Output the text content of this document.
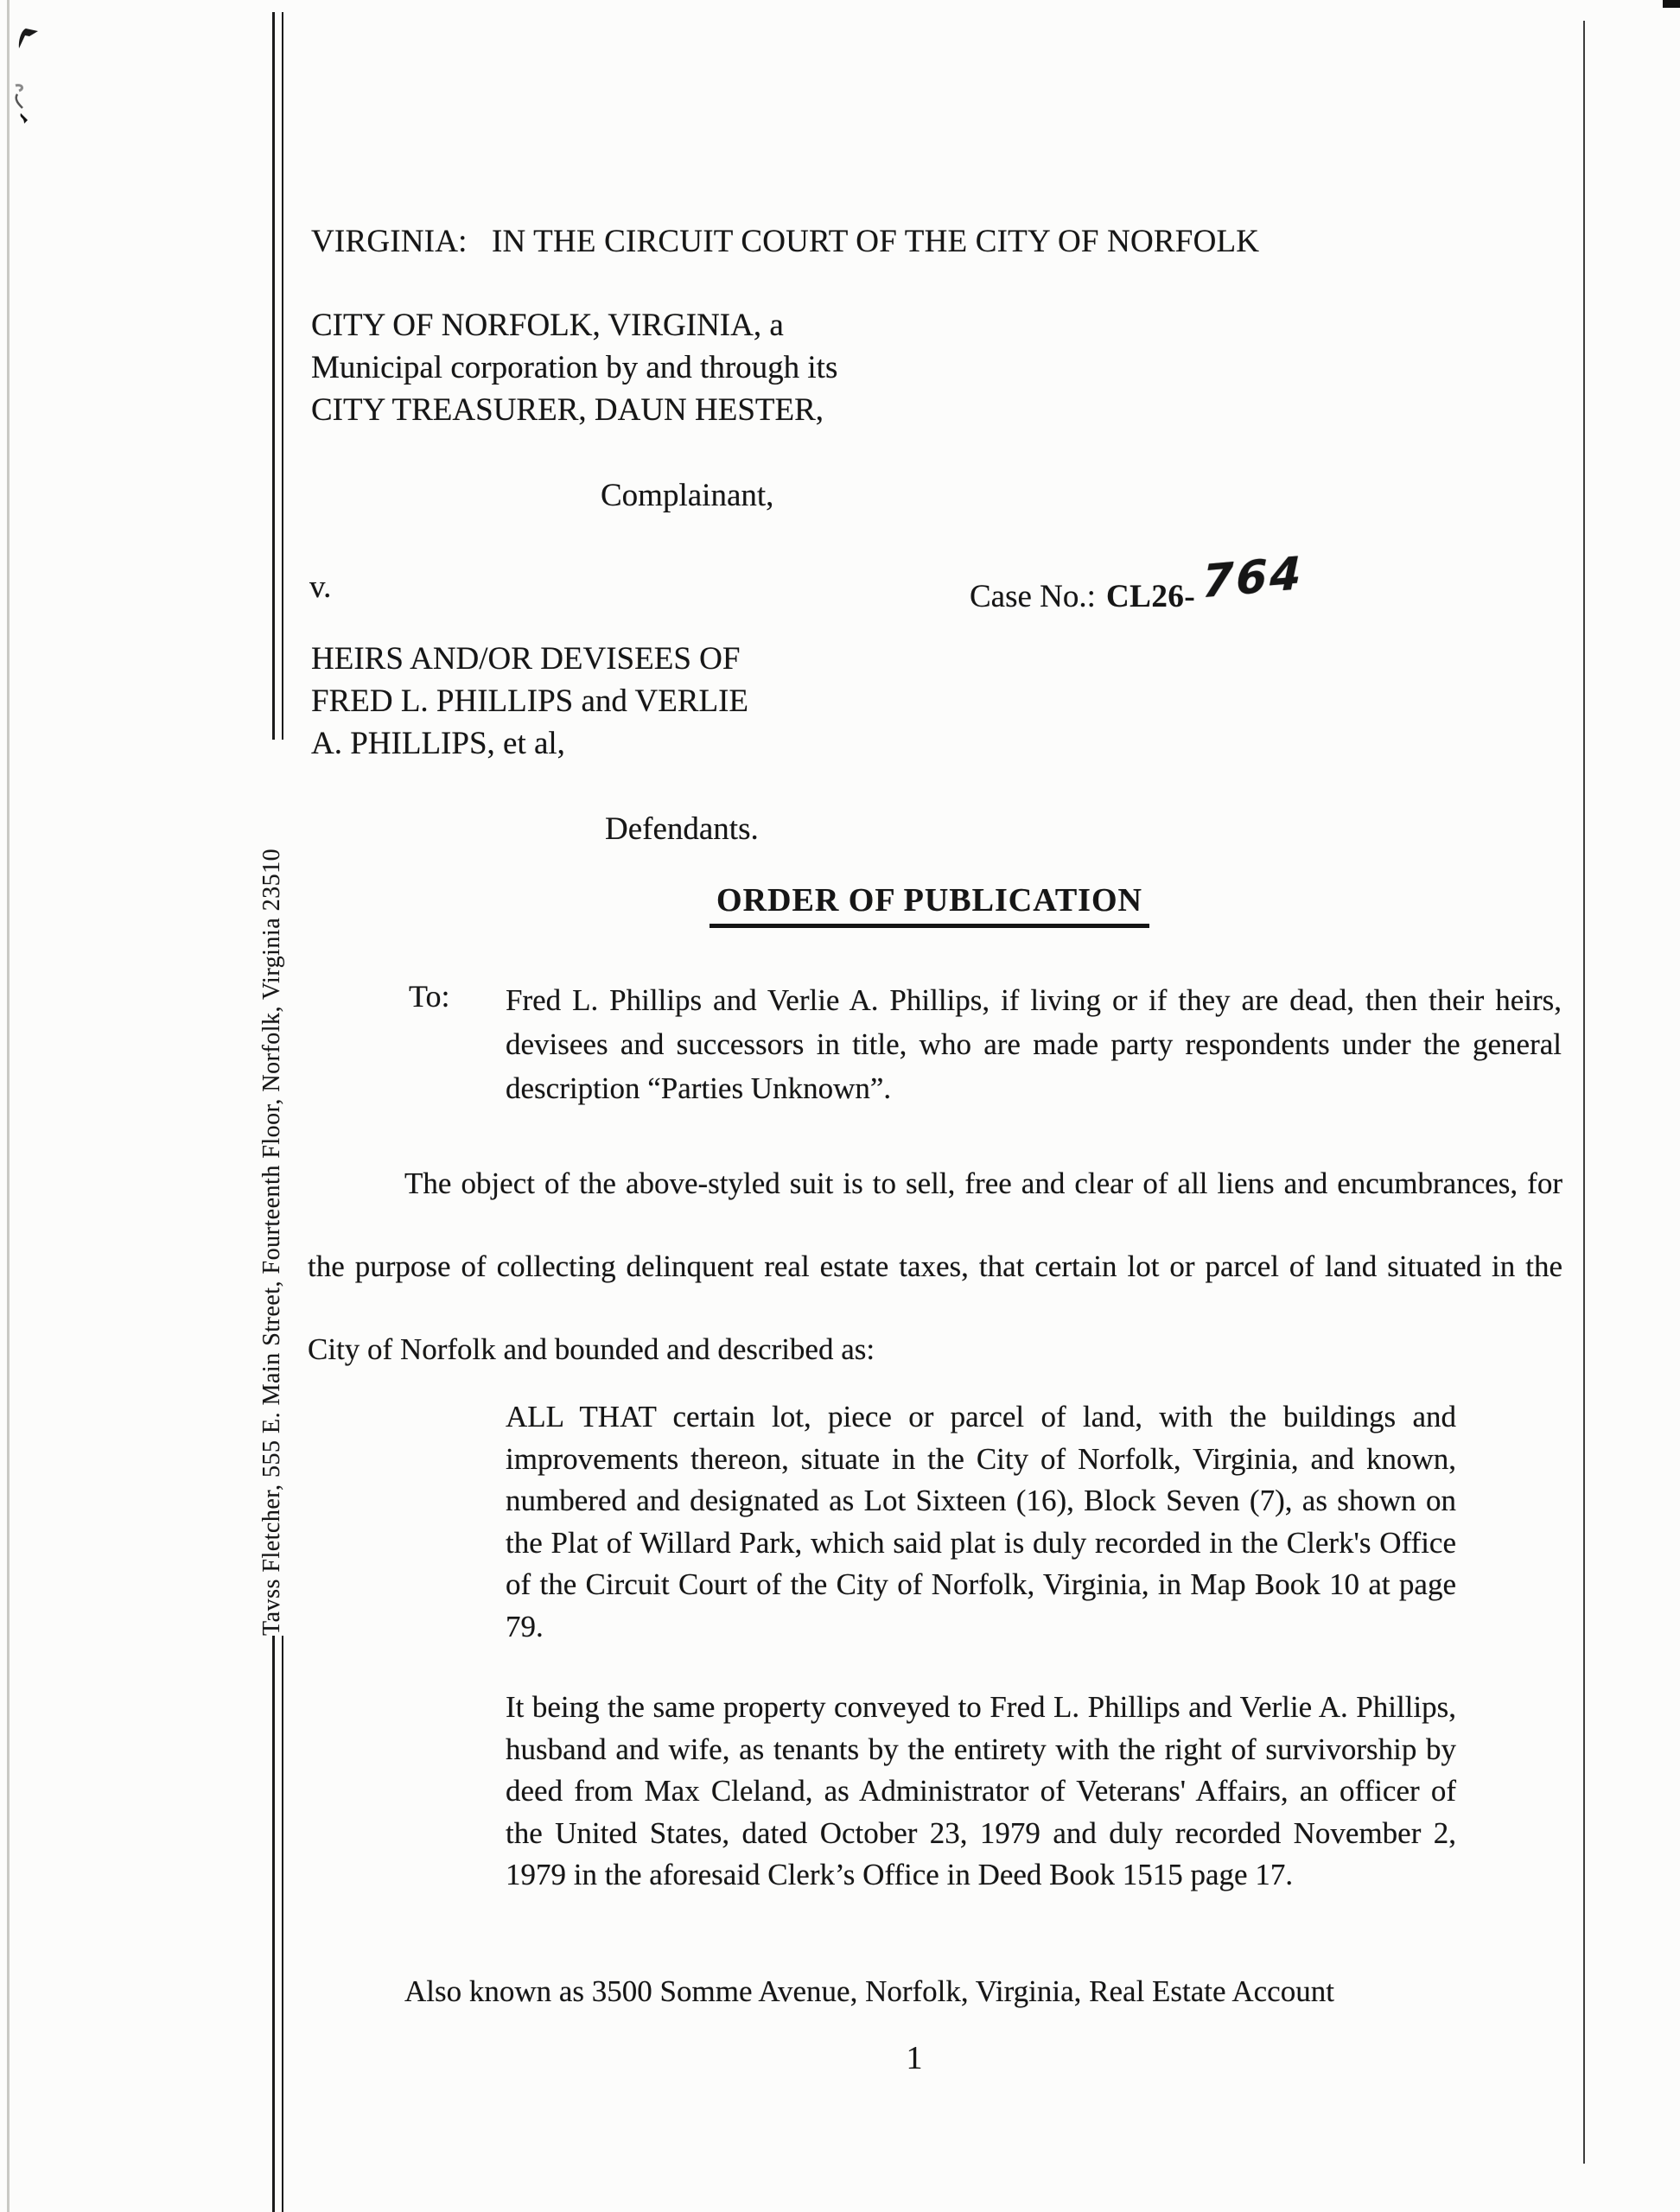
Tavss Fletcher, 555 E. Main Street, Fourteenth Floor, Norfolk, Virginia 23510
VIRGINIA:   IN THE CIRCUIT COURT OF THE CITY OF NORFOLK
CITY OF NORFOLK, VIRGINIA, a
Municipal corporation by and through its
CITY TREASURER, DAUN HESTER,
Complainant,
v.	Case No.: CL26- 764
HEIRS AND/OR DEVISEES OF
FRED L. PHILLIPS and VERLIE
A. PHILLIPS, et al,
Defendants.
ORDER OF PUBLICATION
To: Fred L. Phillips and Verlie A. Phillips, if living or if they are dead, then their heirs, devisees and successors in title, who are made party respondents under the general description “Parties Unknown”.
The object of the above-styled suit is to sell, free and clear of all liens and encumbrances, for the purpose of collecting delinquent real estate taxes, that certain lot or parcel of land situated in the City of Norfolk and bounded and described as:
ALL THAT certain lot, piece or parcel of land, with the buildings and improvements thereon, situate in the City of Norfolk, Virginia, and known, numbered and designated as Lot Sixteen (16), Block Seven (7), as shown on the Plat of Willard Park, which said plat is duly recorded in the Clerk's Office of the Circuit Court of the City of Norfolk, Virginia, in Map Book 10 at page 79.
It being the same property conveyed to Fred L. Phillips and Verlie A. Phillips, husband and wife, as tenants by the entirety with the right of survivorship by deed from Max Cleland, as Administrator of Veterans' Affairs, an officer of the United States, dated October 23, 1979 and duly recorded November 2, 1979 in the aforesaid Clerk’s Office in Deed Book 1515 page 17.
Also known as 3500 Somme Avenue, Norfolk, Virginia, Real Estate Account
1
